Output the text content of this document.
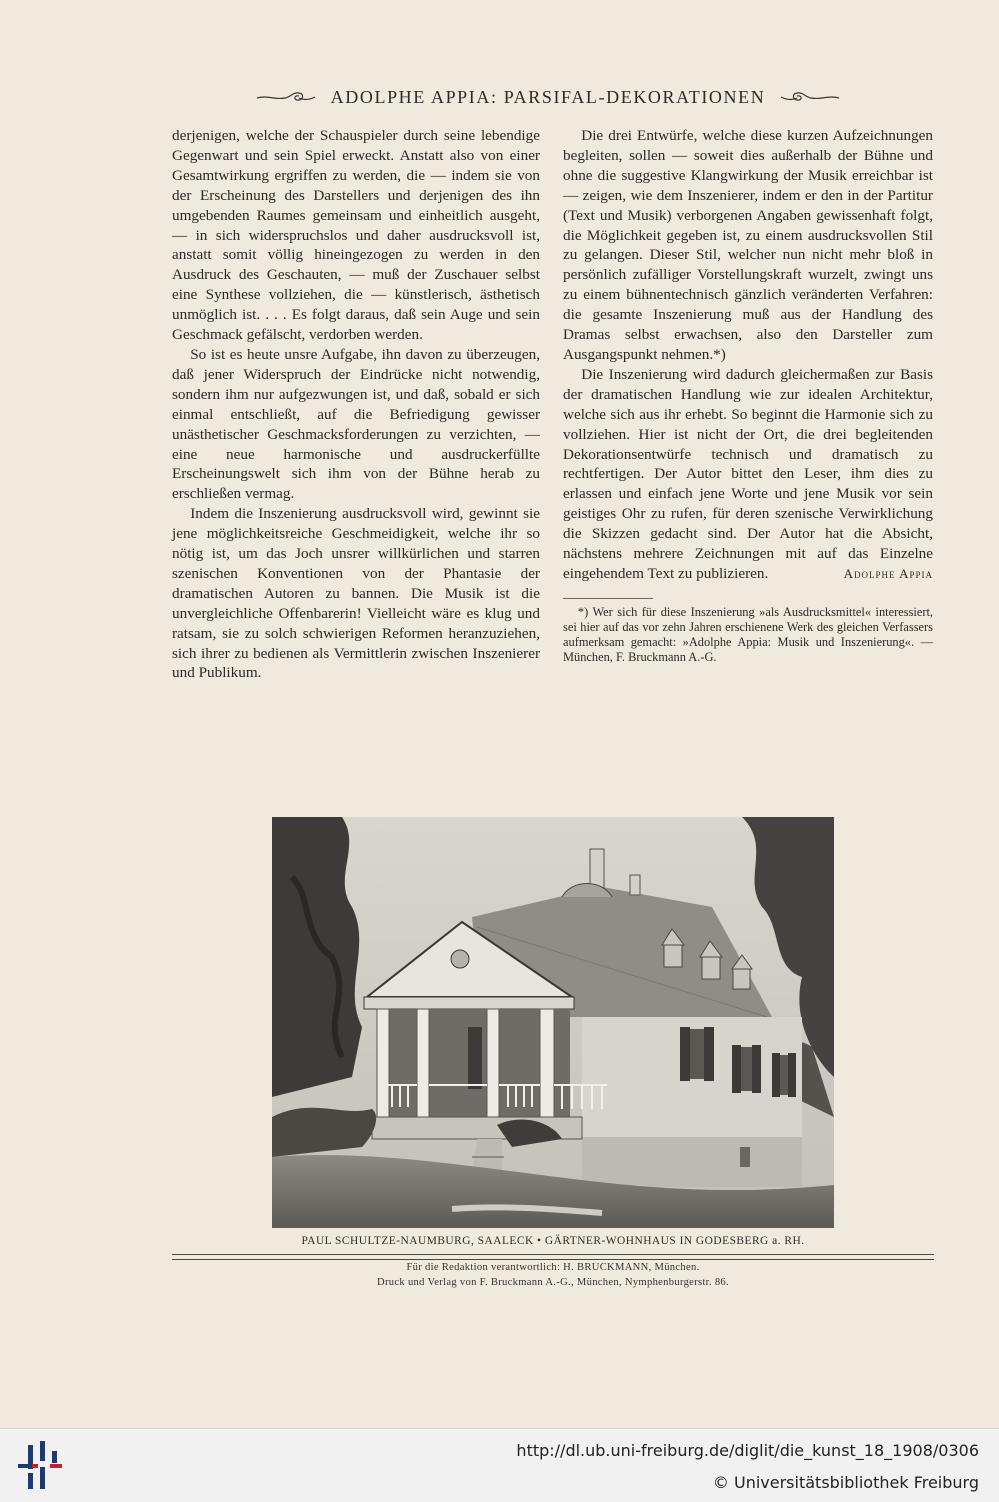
ADOLPHE APPIA: PARSIFAL-DEKORATIONEN

derjenigen, welche der Schauspieler durch seine lebendige Gegenwart und sein Spiel erweckt. Anstatt also von einer Gesamtwirkung ergriffen zu werden, die — indem sie von der Erscheinung des Darstellers und derjenigen des ihn umgebenden Raumes gemeinsam und einheitlich ausgeht, — in sich widerspruchslos und daher ausdrucksvoll ist, anstatt somit völlig hineingezogen zu werden in den Ausdruck des Geschauten, — muß der Zuschauer selbst eine Synthese vollziehen, die — künstlerisch, ästhetisch unmöglich ist. . . . Es folgt daraus, daß sein Auge und sein Geschmack gefälscht, verdorben werden.

So ist es heute unsre Aufgabe, ihn davon zu überzeugen, daß jener Widerspruch der Eindrücke nicht notwendig, sondern ihm nur aufgezwungen ist, und daß, sobald er sich einmal entschließt, auf die Befriedigung gewisser unästhetischer Geschmacksforderungen zu verzichten, — eine neue harmonische und ausdruckerfüllte Erscheinungswelt sich ihm von der Bühne herab zu erschließen vermag.

Indem die Inszenierung ausdrucksvoll wird, gewinnt sie jene möglichkeitsreiche Geschmeidigkeit, welche ihr so nötig ist, um das Joch unsrer willkürlichen und starren szenischen Konventionen von der Phantasie der dramatischen Autoren zu bannen. Die Musik ist die unvergleichliche Offenbarerin! Vielleicht wäre es klug und ratsam, sie zu solch schwierigen Reformen heranzuziehen, sich ihrer zu bedienen als Vermittlerin zwischen Inszenierer und Publikum.

Die drei Entwürfe, welche diese kurzen Aufzeichnungen begleiten, sollen — soweit dies außerhalb der Bühne und ohne die suggestive Klangwirkung der Musik erreichbar ist — zeigen, wie dem Inszenierer, indem er den in der Partitur (Text und Musik) verborgenen Angaben gewissenhaft folgt, die Möglichkeit gegeben ist, zu einem ausdrucksvollen Stil zu gelangen. Dieser Stil, welcher nun nicht mehr bloß in persönlich zufälliger Vorstellungskraft wurzelt, zwingt uns zu einem bühnentechnisch gänzlich veränderten Verfahren: die gesamte Inszenierung muß aus der Handlung des Dramas selbst erwachsen, also den Darsteller zum Ausgangspunkt nehmen.*)

Die Inszenierung wird dadurch gleichermaßen zur Basis der dramatischen Handlung wie zur idealen Architektur, welche sich aus ihr erhebt. So beginnt die Harmonie sich zu vollziehen. Hier ist nicht der Ort, die drei begleitenden Dekorationsentwürfe technisch und dramatisch zu rechtfertigen. Der Autor bittet den Leser, ihm dies zu erlassen und einfach jene Worte und jene Musik vor sein geistiges Ohr zu rufen, für deren szenische Verwirklichung die Skizzen gedacht sind. Der Autor hat die Absicht, nächstens mehrere Zeichnungen mit auf das Einzelne eingehendem Text zu publizieren.	Adolphe Appia

*) Wer sich für diese Inszenierung »als Ausdrucksmittel« interessiert, sei hier auf das vor zehn Jahren erschienene Werk des gleichen Verfassers aufmerksam gemacht: »Adolphe Appia: Musik und Inszenierung«. — München, F. Bruckmann A.-G.
PAUL SCHULTZE-NAUMBURG, SAALECK • GÄRTNER-WOHNHAUS IN GODESBERG a. RH.
Für die Redaktion verantwortlich: H. BRUCKMANN, München.
Druck und Verlag von F. Bruckmann A.-G., München, Nymphenburgerstr. 86.
http://dl.ub.uni-freiburg.de/diglit/die_kunst_18_1908/0306
© Universitätsbibliothek Freiburg
